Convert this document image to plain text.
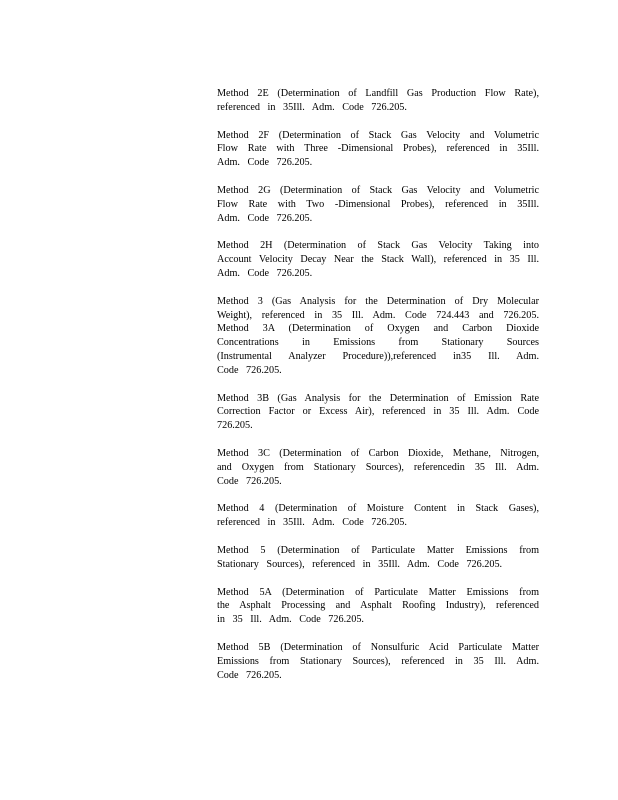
Method 2E (Determination of Landfill Gas Production Flow Rate),
referenced in 35Ill. Adm. Code 726.205.

Method 2F (Determination of Stack Gas Velocity and Volumetric
Flow Rate with Three -Dimensional Probes), referenced in 35Ill.
Adm. Code 726.205.

Method 2G (Determination of Stack Gas Velocity and Volumetric
Flow Rate with Two -Dimensional Probes), referenced in 35Ill.
Adm. Code 726.205.

Method 2H (Determination of Stack Gas Velocity Taking into
Account Velocity Decay Near the Stack Wall), referenced in 35 Ill.
Adm. Code 726.205.

Method 3 (Gas Analysis for the Determination of Dry Molecular
Weight), referenced in 35 Ill. Adm. Code 724.443 and 726.205.
Method 3A (Determination of Oxygen and Carbon Dioxide
Concentrations in Emissions from Stationary Sources
(Instrumental Analyzer Procedure)),referenced in35 Ill. Adm.
Code 726.205.

Method 3B (Gas Analysis for the Determination of Emission Rate
Correction Factor or Excess Air), referenced in 35 Ill. Adm. Code
726.205.

Method 3C (Determination of Carbon Dioxide, Methane, Nitrogen,
and Oxygen from Stationary Sources), referencedin 35 Ill. Adm.
Code 726.205.

Method 4 (Determination of Moisture Content in Stack Gases),
referenced in 35Ill. Adm. Code 726.205.

Method 5 (Determination of Particulate Matter Emissions from
Stationary Sources), referenced in 35Ill. Adm. Code 726.205.

Method 5A (Determination of Particulate Matter Emissions from
the Asphalt Processing and Asphalt Roofing Industry), referenced
in 35 Ill. Adm. Code 726.205.

Method 5B (Determination of Nonsulfuric Acid Particulate Matter
Emissions from Stationary Sources), referenced in 35 Ill. Adm.
Code 726.205.
